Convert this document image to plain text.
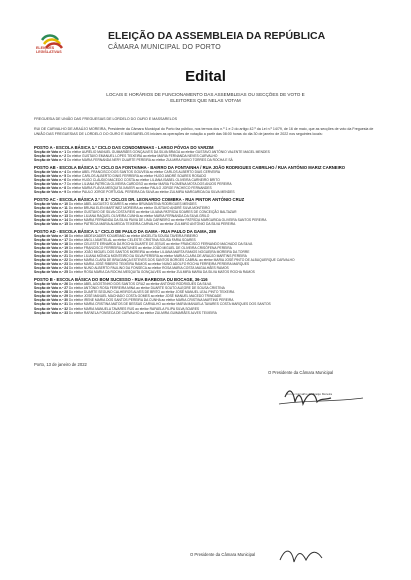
ELEIÇÕES LEGISLATIVAS
ELEIÇÃO DA ASSEMBLEIA DA REPÚBLICA
CÂMARA MUNICIPAL DO PORTO
Edital
LOCAIS E HORÁRIOS DE FUNCIONAMENTO DAS ASSEMBLEIAS OU SECÇÕES DE VOTO E ELEITORES QUE NELAS VOTAM
FREGUESIA DE UNIÃO DAS FREGUESIAS DE LORDELO DO OURO E MASSARELOS
RUI DE CARVALHO DE ARAÚJO MOREIRA, Presidente da Câmara Municipal do Porto faz público, nos termos dos n.º 1 e 2 do artigo 42.º da Lei n.º 14/79, de 16 de maio, que as secções de voto da Freguesia de UNIÃO DAS FREGUESIAS DE LORDELO DO OURO E MASSARELOS iniciam as operações de votação a partir das 08:00 horas do dia 30 de janeiro de 2022 nos seguintes locais:
POSTO A - ESCOLA BÁSICA 1.º CICLO DAS CONDOMINHAS - LARGO PÓVOA DO VARZIM
Secção de Voto n.º 1 Do eleitor AURÉLIO MANUEL GUIMARÃES GONÇALVES DA SILVA BRAGA ao eleitor GUSTAVO ANTÓNIO VALENTE MAGEL MENDES
Secção de Voto n.º 2 Do eleitor GUSTAVO EMANUEL LOPES TEIXEIRA ao eleitor MARIA FERNANDA NEVES CARVALHO
Secção de Voto n.º 3 Do eleitor MARIA FERNANDA NERY DUARTE PEREIRA ao eleitor ZULMIRA RUIVO TORRES DA ROCHA E SÁ
POSTO AB - ESCOLA BÁSICA 1.º CICLO DA FONTAINHA - BAIRRO DA FONTAINHA / RUA JOÃO RODRIGUES CABRILHO / RUA ANTÓNIO MARIZ CARNEIRO
Secção de Voto n.º 4 Do eleitor ABEL FRANCISCO DOS SANTOS GOUVEIA ao eleitor CARLOS ALBERTO DIAS CERVEIRA
Secção de Voto n.º 5 Do eleitor CARLOS ALBERTO DINIS FERREIRA ao eleitor HUGO ANDRÉ SOARES ROSADO
Secção de Voto n.º 6 Do eleitor HUGO CLÁUDIO MACEDO COSTA ao eleitor LILIANA ISABEL OLIVEIRA CARNEIRO BRITO
Secção de Voto n.º 7 Do eleitor LILIANA PATRÍCIA OLIVEIRA CARDOSO ao eleitor MARIA FILOMENA MOTA DOS ANJOS PEREIRA
Secção de Voto n.º 8 Do eleitor MARIA FLÁVIA MESQUITA XAVIER ao eleitor PAULO JORGE PACHECO FERNANDES
Secção de Voto n.º 9 Do eleitor PAULO JORGE PORTUGAL PEREIRA DA SILVA ao eleitor ZULMIRA MARGARIDA DA SILVA MENDES
POSTO AC - ESCOLA BÁSICA 2.º E 3.º CICLOS DR. LEONARDO COIMBRA - RUA PINTOR ANTÓNIO CRUZ
Secção de Voto n.º 10 Do eleitor ABEL AUGUSTO SOARES ao eleitor BRUMANTINA RODRIGUES MENDES
Secção de Voto n.º 11 Do eleitor BRUNA ELEN MARTINEZ MOREIRA ao eleitor GUSTAVO ANDRÉ SILVA MONTEIRO
Secção de Voto n.º 12 Do eleitor GUSTAVO DE SILVA COSTA REIS ao eleitor LILIANA PATRÍCIA SOARES DE CONCEIÇÃO BALTAZAR
Secção de Voto n.º 13 Do eleitor LILIANA RAQUEL OLIVEIRA CUNHA ao eleitor MARIA FERNANDA DA SILVA GRILO
Secção de Voto n.º 14 Do eleitor MARIA FERNANDA DA SILVA PAIVA DE LIMA CARNEIRO ao eleitor PATRÍCIA MARGARIDA OLIVEIRA SANTOS PEREIRA
Secção de Voto n.º 15 Do eleitor PATRÍCIA MARIA ALMEIDA TEIXEIRA CARVALHO ao eleitor ZULMIRO ANTÓNIO DA SILVA PEREIRA
POSTO AD - ESCOLA BÁSICA 1.º CICLO DE PAULO DA GAMA - RUA PAULO DA GAMA, 289
Secção de Voto n.º 16 Do eleitor ABDELKADER KOLMEMAD ao eleitor ANGELITA SOUSA TAVEIRA RIBEIRO
Secção de Voto n.º 17 Do eleitor ANGLI JAMITELAL ao eleitor CELESTE CRISTINA SOUSA FARIA SOARES
Secção de Voto n.º 18 Do eleitor CELESTE ERNARDA DA ROCHA DUARTE DE JESUS ao eleitor FRANCISCO FERNANDO MACHADO DA SILVA
Secção de Voto n.º 19 Do eleitor FRANCISCO FERREIRA ANTUNES ao eleitor JOÃO MIGUEL DE OLIVEIRA CRISÓFENA PEREIRA
Secção de Voto n.º 20 Do eleitor JOÃO MIGUEL DOS SANTOS MOREIRA ao eleitor LILIANA MARTA RAMOS NOGUEIRA MOREIRA DA TORRE
Secção de Voto n.º 21 Do eleitor LILIANA MÓNICA MONTEIRO DA SILVA PEREIRA ao eleitor MARIA CLARA DE ARAÚJO MARTINS PEREIRA
Secção de Voto n.º 22 Do eleitor MARIA CLARA DE BRAGANÇA ESTEVES DOS SANTOS BORGES CABRAL ao eleitor MARIA JOSÉ PINTO DE ALBUQUERQUE CARVALHO
Secção de Voto n.º 23 Do eleitor MARIA JOSÉ RIBEIRO TEIXEIRA RAMOS ao eleitor NUNO ADOLFO ROCHA FERREIRA PEREIRA MARQUES
Secção de Voto n.º 24 Do eleitor NUNO ALBERTO PAULINO DA FONSECA ao eleitor ROSA MARIA COSTA MAGALHÃES RAMOS
Secção de Voto n.º 25 Do eleitor ROSA MARIA DA ROCHA MESQUITA GONÇALVES ao eleitor ZULMIRA MARIA DA SILVA MATOS ROCHA RAMOS
POSTO B - ESCOLA BÁSICA DO BOM SUCESSO - RUA BARBOSA DU BOCAGE, 36-116
Secção de Voto n.º 26 Do eleitor ABEL AGOSTINHO DOS SANTOS CRUZ ao eleitor ANTÓNIO RODRIGUES DA SILVA
Secção de Voto n.º 27 Do eleitor ANTÓNIO ROSA FERREIRA MINA ao eleitor DUARTE SOUTO ALEGRE DE SOUSA CRISTINA
Secção de Voto n.º 28 Do eleitor DUARTE SEGUNO CALHEIROS ALVES DE BRITO ao eleitor JOSÉ MANUEL LEAL PINTO TEIXEIRA
Secção de Voto n.º 29 Do eleitor JOSÉ MANUEL MACHADO COSTA GOMES ao eleitor JOSÉ MANUEL MACEDO TRINDADE
Secção de Voto n.º 30 Do eleitor IRENE MARIA DOS SANTOS PEREIRA DA CUNHA ao eleitor MARIA CRISTINA MARTINS PEREIRA
Secção de Voto n.º 31 Do eleitor MARIA CRISTINA MATOS DE BESSAS CARVALHO ao eleitor MARIA MANUELA TAVARES COSTA MARQUES DOS SANTOS
Secção de Voto n.º 32 Do eleitor MARIA MANUELA TAVARES RUS ao eleitor RAFAELA FILIPA SILVA SOARES
Secção de Voto n.º 33 Do eleitor RAFAELA FONSECA DE CARVALHO ao eleitor ZULMIRA GUIMARÃES ALVES TEIXEIRA
Porto, 13 de janeiro de 2022
O Presidente da Câmara Municipal
Rui de Carvalho de Araújo Moreira
O Presidente da Câmara Municipal
